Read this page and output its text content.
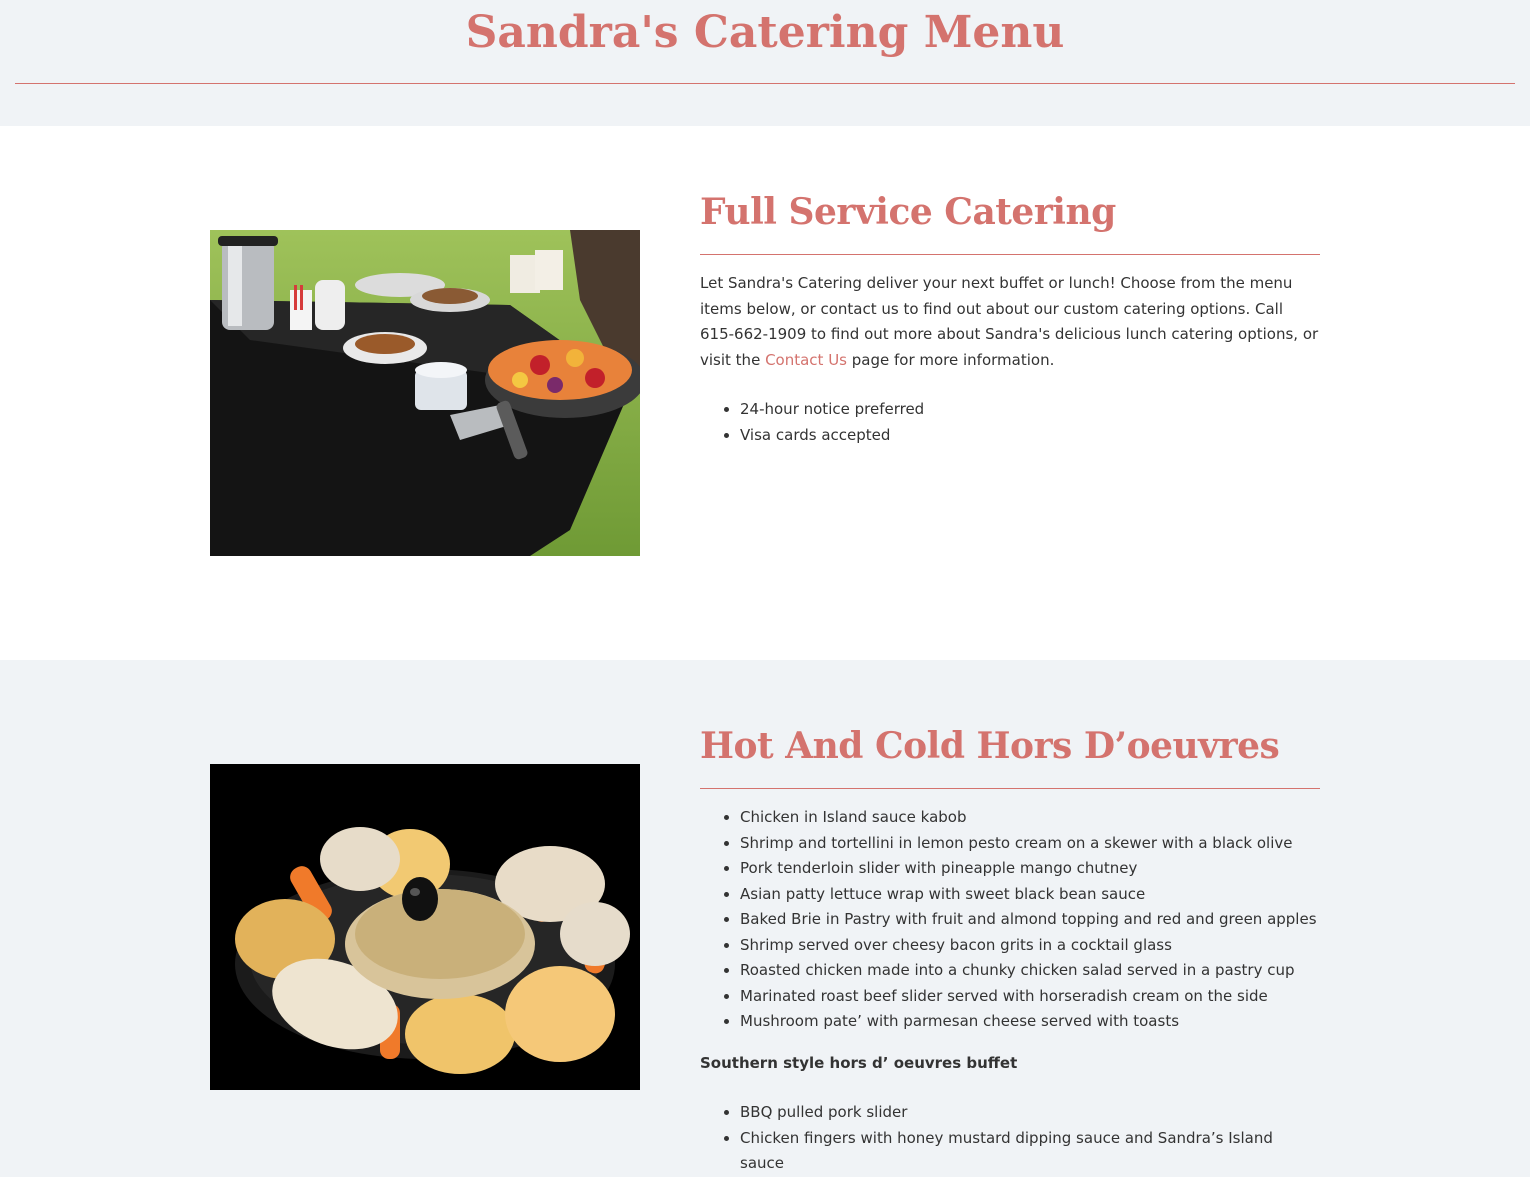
Sandra's Catering Menu
Full Service Catering

Let Sandra's Catering deliver your next buffet or lunch! Choose from the menu items below, or contact us to find out about our custom catering options. Call 615-662-1909 to find out more about Sandra's delicious lunch catering options, or visit the Contact Us page for more information.

• 24-hour notice preferred
• Visa cards accepted
Hot And Cold Hors D’oeuvres
• Chicken in Island sauce kabob
• Shrimp and tortellini in lemon pesto cream on a skewer with a black olive
• Pork tenderloin slider with pineapple mango chutney
• Asian patty lettuce wrap with sweet black bean sauce
• Baked Brie in Pastry with fruit and almond topping and red and green apples
• Shrimp served over cheesy bacon grits in a cocktail glass
• Roasted chicken made into a chunky chicken salad served in a pastry cup
• Marinated roast beef slider served with horseradish cream on the side
• Mushroom pate’ with parmesan cheese served with toasts

Southern style hors d’ oeuvres buffet

• BBQ pulled pork slider
• Chicken fingers with honey mustard dipping sauce and Sandra’s Island sauce
